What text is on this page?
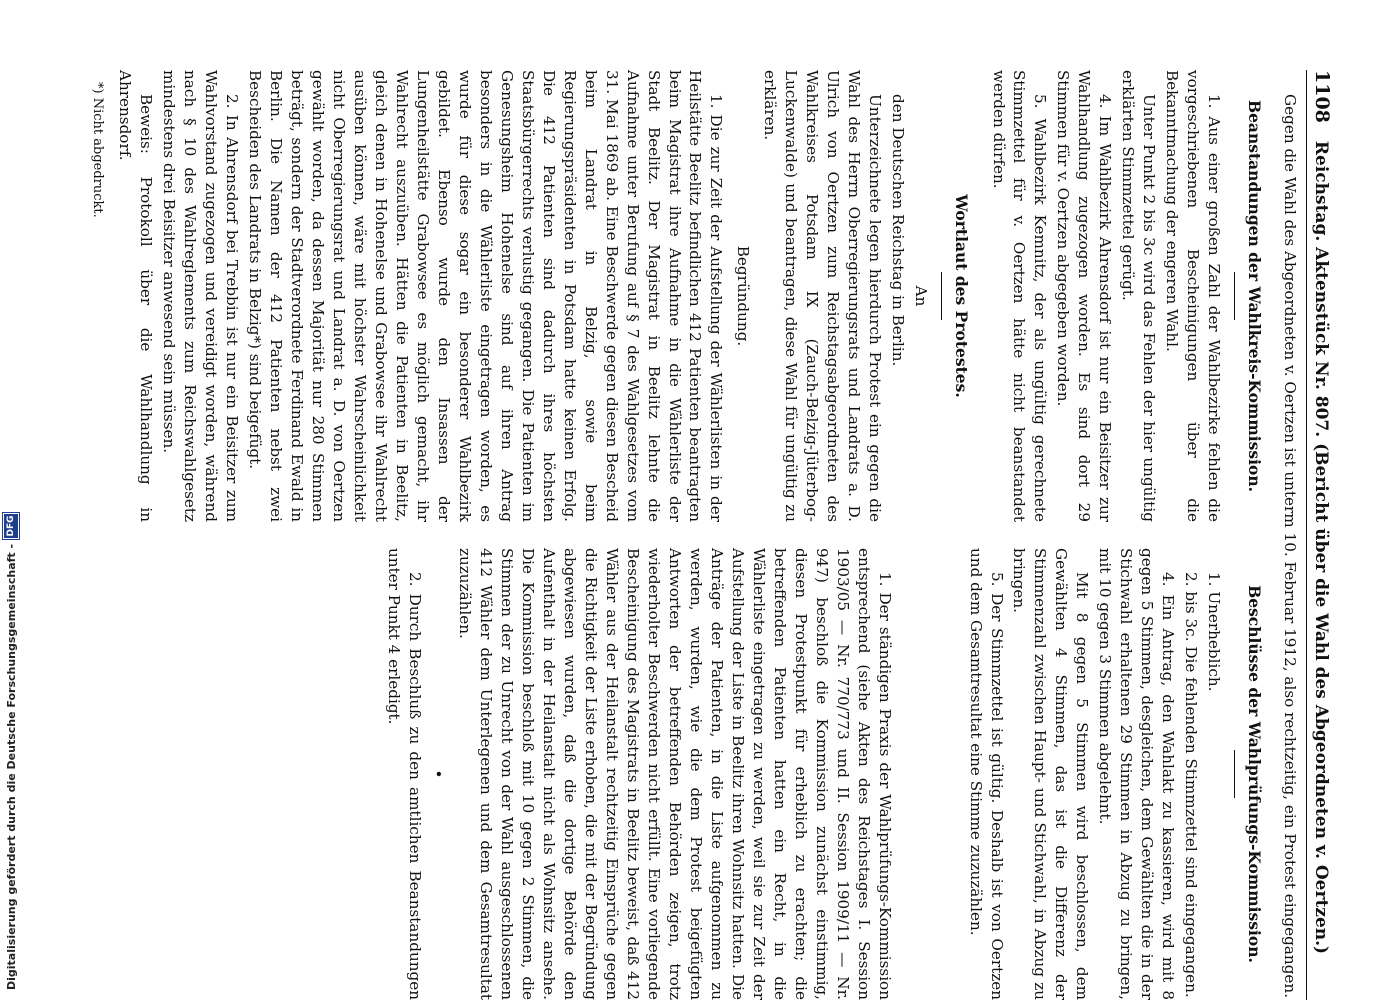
1108
Reichstag. Aktenstück Nr. 807. (Bericht über die Wahl des Abgeordneten v. Oertzen.)

Gegen die Wahl des Abgeordneten v. Oertzen ist unterm 10. Februar 1912, also rechtzeitig, ein Protest eingegangen.

Beanstandungen der Wahlkreis-Kommission.

1. Aus einer großen Zahl der Wahlbezirke fehlen die vorgeschriebenen Bescheinigungen über die Bekanntmachung der engeren Wahl.

Unter Punkt 2 bis 3c wird das Fehlen der hier ungültig erklärten Stimmzettel gerügt.

4. Im Wahlbezirk Ahrensdorf ist nur ein Beisitzer zur Wahlhandlung zugezogen worden. Es sind dort 29 Stimmen für v. Oertzen abgegeben worden.

5. Wahlbezirk Kemnitz, der als ungültig gerechnete Stimmzettel für v. Oertzen hätte nicht beanstandet werden dürfen.

Wortlaut des Protestes.

An

den Deutschen Reichstag in Berlin.

Unterzeichnete legen hierdurch Protest ein gegen die Wahl des Herrn Oberregierungsrats und Landrats a. D. Ulrich von Oertzen zum Reichstagsabgeordneten des Wahlkreises Potsdam IX (Zauch-Belzig-Jüterbog-Luckenwalde) und beantragen, diese Wahl für ungültig zu erklären.

Begründung.

1. Die zur Zeit der Aufstellung der Wählerlisten in der Heilstätte Beelitz befindlichen 412 Patienten beantragten beim Magistrat ihre Aufnahme in die Wählerliste der Stadt Beelitz. Der Magistrat in Beelitz lehnte die Aufnahme unter Berufung auf § 7 des Wahlgesetzes vom 31. Mai 1869 ab. Eine Beschwerde gegen diesen Bescheid beim Landrat in Belzig, sowie beim Regierungspräsidenten in Potsdam hatte keinen Erfolg. Die 412 Patienten sind dadurch ihres höchsten Staatsbürgerrechts verlustig gegangen. Die Patienten im Genesungsheim Hohenelse sind auf ihren Antrag besonders in die Wählerliste eingetragen worden, es wurde für diese sogar ein besonderer Wahlbezirk gebildet. Ebenso wurde den Insassen der Lungenheilstätte Grabowsee es möglich gemacht, ihr Wahlrecht auszuüben. Hätten die Patienten in Beelitz, gleich denen in Hohenelse und Grabowsee ihr Wahlrecht ausüben können, wäre mit höchster Wahrscheinlichkeit nicht Oberregierungsrat und Landrat a. D. von Oertzen gewählt worden, da dessen Majorität nur 280 Stimmen beträgt, sondern der Stadtverordnete Ferdinand Ewald in Berlin. Die Namen der 412 Patienten nebst zwei Bescheiden des Landrats in Belzig*) sind beigefügt.

2. In Ahrensdorf bei Trebbin ist nur ein Beisitzer zum Wahlvorstand zugezogen und vereidigt worden, während nach § 10 des Wahlreglements zum Reichswahlgesetz mindestens drei Beisitzer anwesend sein müssen.

Beweis: Protokoll über die Wahlhandlung in Ahrensdorf.

*) Nicht abgedruckt.
Beschlüsse der Wahlprüfungs-Kommission.

1. Unerheblich.

2. bis 3c. Die fehlenden Stimmzettel sind eingegangen.

4. Ein Antrag, den Wahlakt zu kassieren, wird mit 8 gegen 5 Stimmen, desgleichen, dem Gewählten die in der Stichwahl erhaltenen 29 Stimmen in Abzug zu bringen, mit 10 gegen 3 Stimmen abgelehnt.

Mit 8 gegen 5 Stimmen wird beschlossen, dem Gewählten 4 Stimmen, das ist die Differenz der Stimmenzahl zwischen Haupt- und Stichwahl, in Abzug zu bringen.

5. Der Stimmzettel ist gültig. Deshalb ist von Oertzen und dem Gesamtresultat eine Stimme zuzuzählen.

1. Der ständigen Praxis der Wahlprüfungs-Kommission entsprechend (siehe Akten des Reichstages I. Session 1903/05 — Nr. 770/773 und II. Session 1909/11 — Nr. 947) beschloß die Kommission zunächst einstimmig, diesen Protestpunkt für erheblich zu erachten; die betreffenden Patienten hatten ein Recht, in die Wählerliste eingetragen zu werden, weil sie zur Zeit der Aufstellung der Liste in Beelitz ihren Wohnsitz hatten. Die Anträge der Patienten, in die Liste aufgenommen zu werden, wurden, wie die dem Protest beigefügten Antworten der betreffenden Behörden zeigen, trotz wiederholter Beschwerden nicht erfüllt. Eine vorliegende Bescheinigung des Magistrats in Beelitz beweist, daß 412 Wähler aus der Heilanstalt rechtzeitig Einsprüche gegen die Richtigkeit der Liste erhoben, die mit der Begründung abgewiesen wurden, daß die dortige Behörde den Aufenthalt in der Heilanstalt nicht als Wohnsitz ansehe. Die Kommission beschloß mit 10 gegen 2 Stimmen, die Stimmen der zu Unrecht von der Wahl ausgeschlossenen 412 Wähler dem Unterlegenen und dem Gesamtresultat zuzuzählen.

•

2. Durch Beschluß zu den amtlichen Beanstandungen unter Punkt 4 erledigt.

Digitalisierung gefördert durch die Deutsche Forschungsgemeinschaft -
DFG
